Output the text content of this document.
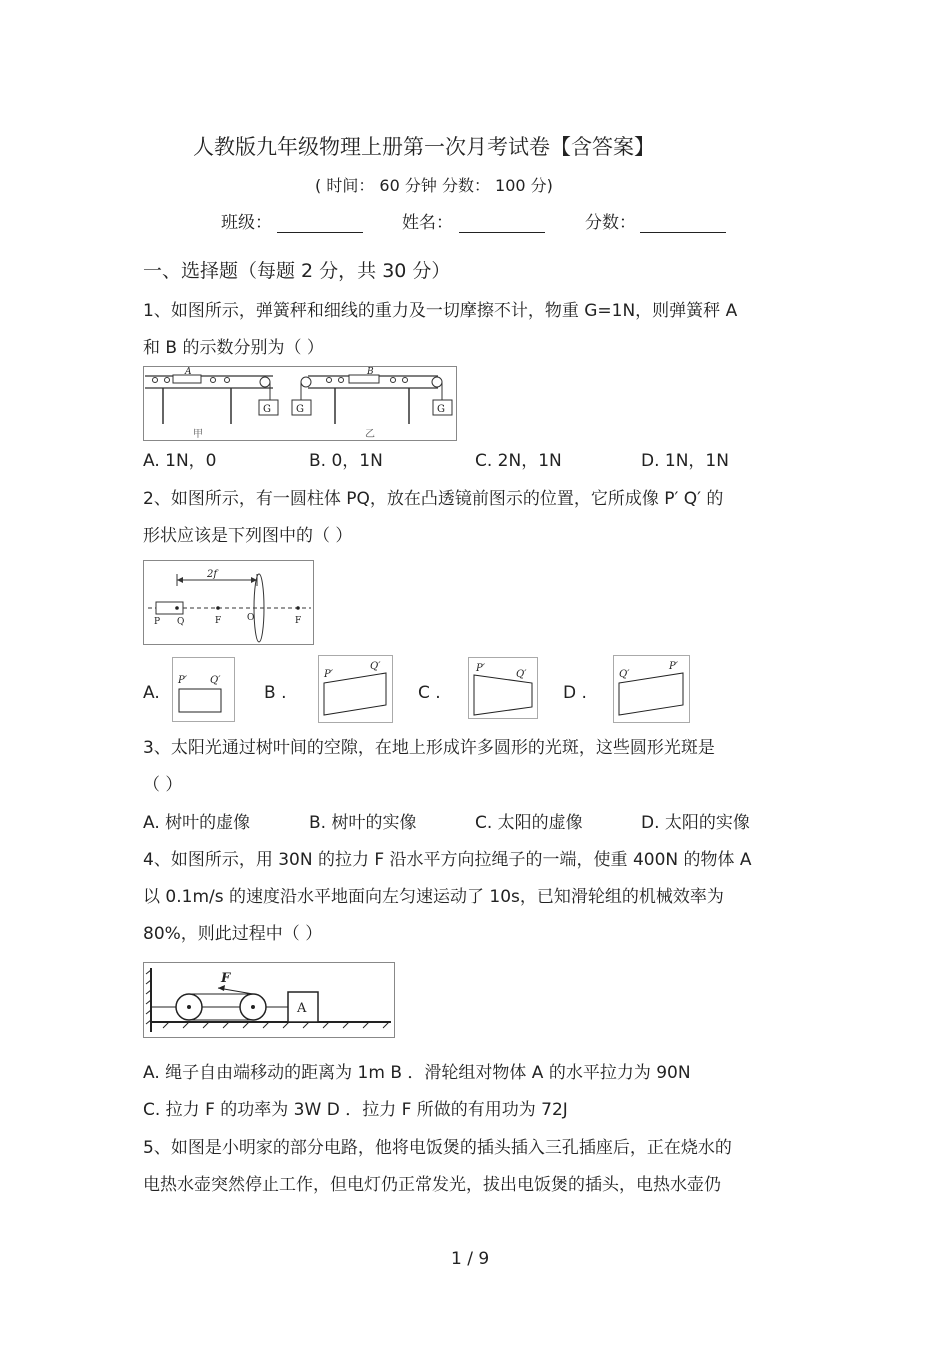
人教版九年级物理上册第一次月考试卷【含答案】
( 时间： 60 分钟 分数： 100 分)
班级：	姓名：	分数：
一、选择题（每题 2 分，共 30 分）
1、如图所示，弹簧秤和细线的重力及一切摩擦不计，物重 G=1N，则弹簧秤 A
和 B 的示数分别为（ ）
G
A
甲
G	G
B
乙
A. 1N，0	B. 0，1N	C. 2N，1N	D. 1N，1N
2、如图所示，有一圆柱体 PQ，放在凸透镜前图示的位置，它所成像 P′ Q′ 的
形状应该是下列图中的（ ）
2f
P Q	F	O	F
A.
P′ Q′
B .
P′
Q′
C .
P′
Q′
D .
Q′
P′
3、太阳光通过树叶间的空隙，在地上形成许多圆形的光斑，这些圆形光斑是
（ ）
A. 树叶的虚像	B. 树叶的实像	C. 太阳的虚像	D. 太阳的实像
4、如图所示，用 30N 的拉力 F 沿水平方向拉绳子的一端，使重 400N 的物体 A
以 0.1m/s 的速度沿水平地面向左匀速运动了 10s，已知滑轮组的机械效率为
80%，则此过程中（ ）
F
A
A. 绳子自由端移动的距离为 1m B ．滑轮组对物体 A 的水平拉力为 90N
C. 拉力 F 的功率为 3W D ．拉力 F 所做的有用功为 72J
5、如图是小明家的部分电路，他将电饭煲的插头插入三孔插座后，正在烧水的
电热水壶突然停止工作，但电灯仍正常发光，拔出电饭煲的插头，电热水壶仍
1 / 9
